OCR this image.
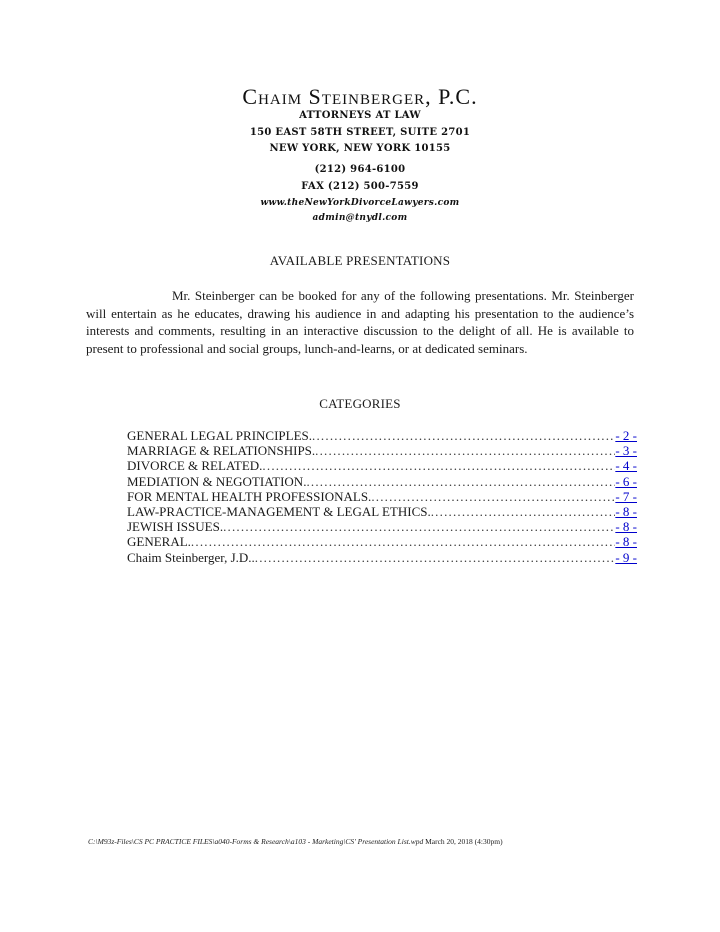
Chaim Steinberger, P.C.
ATTORNEYS AT LAW
150 EAST 58TH STREET, SUITE 2701
NEW YORK, NEW YORK 10155
(212) 964-6100
FAX (212) 500-7559
www.theNewYorkDivorceLawyers.com
admin@tnydl.com
AVAILABLE PRESENTATIONS
Mr. Steinberger can be booked for any of the following presentations. Mr. Steinberger will entertain as he educates, drawing his audience in and adapting his presentation to the audience’s interests and comments, resulting in an interactive discussion to the delight of all. He is available to present to professional and social groups, lunch-and-learns, or at dedicated seminars.
CATEGORIES
GENERAL LEGAL PRINCIPLES. .....	- 2 -
MARRIAGE & RELATIONSHIPS. .....	- 3 -
DIVORCE & RELATED. .....	- 4 -
MEDIATION & NEGOTIATION. .....	- 6 -
FOR MENTAL HEALTH PROFESSIONALS. .....	- 7 -
LAW-PRACTICE-MANAGEMENT & LEGAL ETHICS. .....	- 8 -
JEWISH ISSUES. .....	- 8 -
GENERAL. .....	- 8 -
Chaim Steinberger, J.D.. .....	- 9 -
C:\M93z-Files\CS PC PRACTICE FILES\a040-Forms & Research\a103 - Marketing\CS' Presentation List.wpd March 20, 2018 (4:30pm)
